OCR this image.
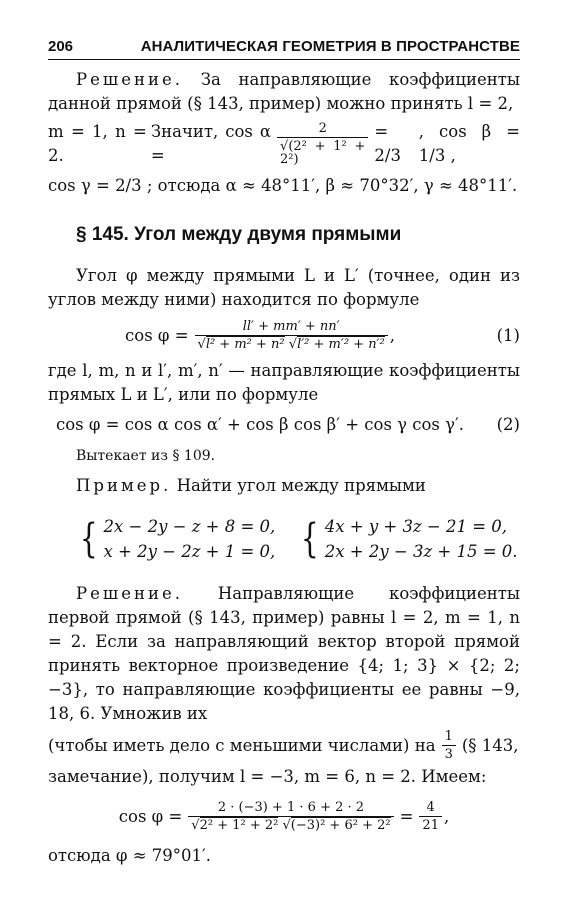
206	АНАЛИТИЧЕСКАЯ ГЕОМЕТРИЯ В ПРОСТРАНСТВЕ

Решение. За направляющие коэффициенты данной прямой (§ 143, пример) можно принять l = 2,

m = 1, n = 2.
Значит, cos α =	$\frac{2}{\text{√(2² + 1² + 2²)}} = 2/3$
, cos β = 1/3 ,

cos γ = 2/3 ; отсюда α ≈ 48°11′, β ≈ 70°32′, γ ≈ 48°11′.

§ 145. Угол между двумя прямыми

Угол φ между прямыми L и L′ (точнее, один из углов между ними) находится по формуле

$\cos \varphi = \frac{ll' + mm' + nn'}{\text{√l² + m² + n² √l′² + m′² + n′²}}$ ,	(1)

где l, m, n и l′, m′, n′ — направляющие коэффициенты прямых L и L′, или по формуле

cos φ = cos α cos α′ + cos β cos β′ + cos γ cos γ′.	(2)

Вытекает из § 109.

Пример. Найти угол между прямыми

{ 2x − 2y − z + 8 = 0,
x + 2y − 2z + 1 = 0, { 4x + y + 3z − 21 = 0,
2x + 2y − 3z + 15 = 0.

Решение. Направляющие коэффициенты первой прямой (§ 143, пример) равны l = 2, m = 1, n = 2. Если за направляющий вектор второй прямой принять векторное произведение {4; 1; 3} × {2; 2; −3}, то направляющие коэффициенты ее равны −9, 18, 6. Умножив их

(чтобы иметь дело с меньшими числами) на $\frac{1}{3}$ (§ 143,

замечание), получим l = −3, m = 6, n = 2. Имеем:

$\cos \varphi = \frac{2 \cdot (-3) + 1 \cdot 6 + 2 \cdot 2}{\text{√2² + 1² + 2² √(−3)² + 6² + 2²}} = \frac{4}{21}$ ,

отсюда φ ≈ 79°01′.
